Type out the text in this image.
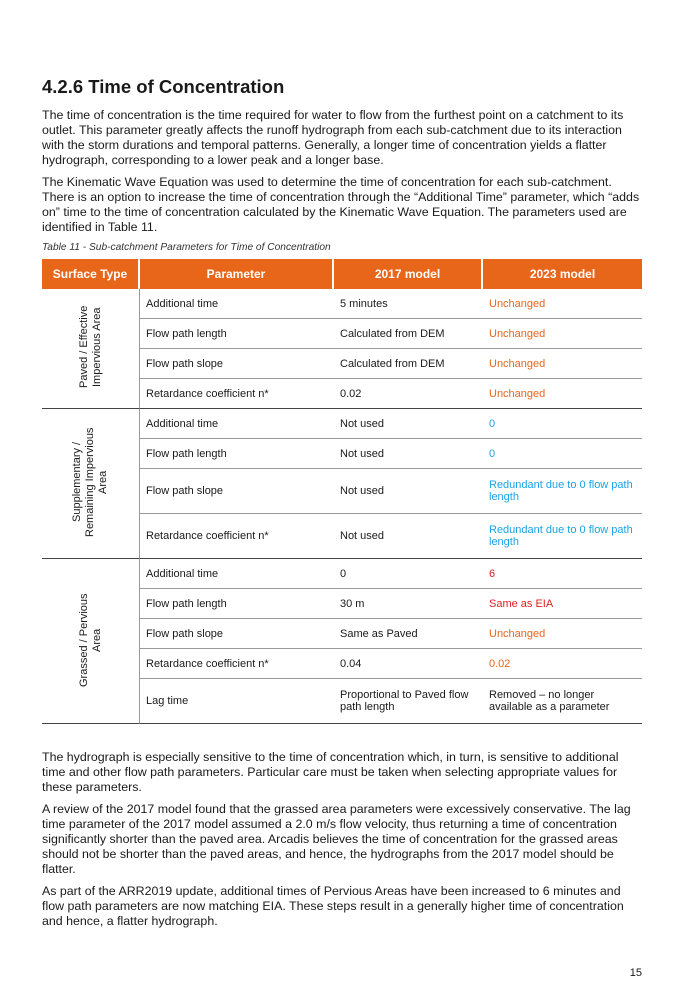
4.2.6 Time of Concentration

The time of concentration is the time required for water to flow from the furthest point on a catchment to its outlet. This parameter greatly affects the runoff hydrograph from each sub-catchment due to its interaction with the storm durations and temporal patterns. Generally, a longer time of concentration yields a flatter hydrograph, corresponding to a lower peak and a longer base.

The Kinematic Wave Equation was used to determine the time of concentration for each sub-catchment. There is an option to increase the time of concentration through the “Additional Time” parameter, which “adds on” time to the time of concentration calculated by the Kinematic Wave Equation. The parameters used are identified in Table 11.

Table 11 - Sub-catchment Parameters for Time of Concentration
Surface Type	Parameter	2017 model	2023 model
Paved / Effective Impervious Area	Additional time	5 minutes	Unchanged
	Flow path length	Calculated from DEM	Unchanged
	Flow path slope	Calculated from DEM	Unchanged
	Retardance coefficient n*	0.02	Unchanged
Supplementary / Remaining Impervious Area	Additional time	Not used	0
	Flow path length	Not used	0
	Flow path slope	Not used	Redundant due to 0 flow path length
	Retardance coefficient n*	Not used	Redundant due to 0 flow path length
Grassed / Pervious Area	Additional time	0	6
	Flow path length	30 m	Same as EIA
	Flow path slope	Same as Paved	Unchanged
	Retardance coefficient n*	0.04	0.02
	Lag time	Proportional to Paved flow path length	Removed – no longer available as a parameter

The hydrograph is especially sensitive to the time of concentration which, in turn, is sensitive to additional time and other flow path parameters. Particular care must be taken when selecting appropriate values for these parameters.

A review of the 2017 model found that the grassed area parameters were excessively conservative. The lag time parameter of the 2017 model assumed a 2.0 m/s flow velocity, thus returning a time of concentration significantly shorter than the paved area. Arcadis believes the time of concentration for the grassed areas should not be shorter than the paved areas, and hence, the hydrographs from the 2017 model should be flatter.

As part of the ARR2019 update, additional times of Pervious Areas have been increased to 6 minutes and flow path parameters are now matching EIA. These steps result in a generally higher time of concentration and hence, a flatter hydrograph.

15
